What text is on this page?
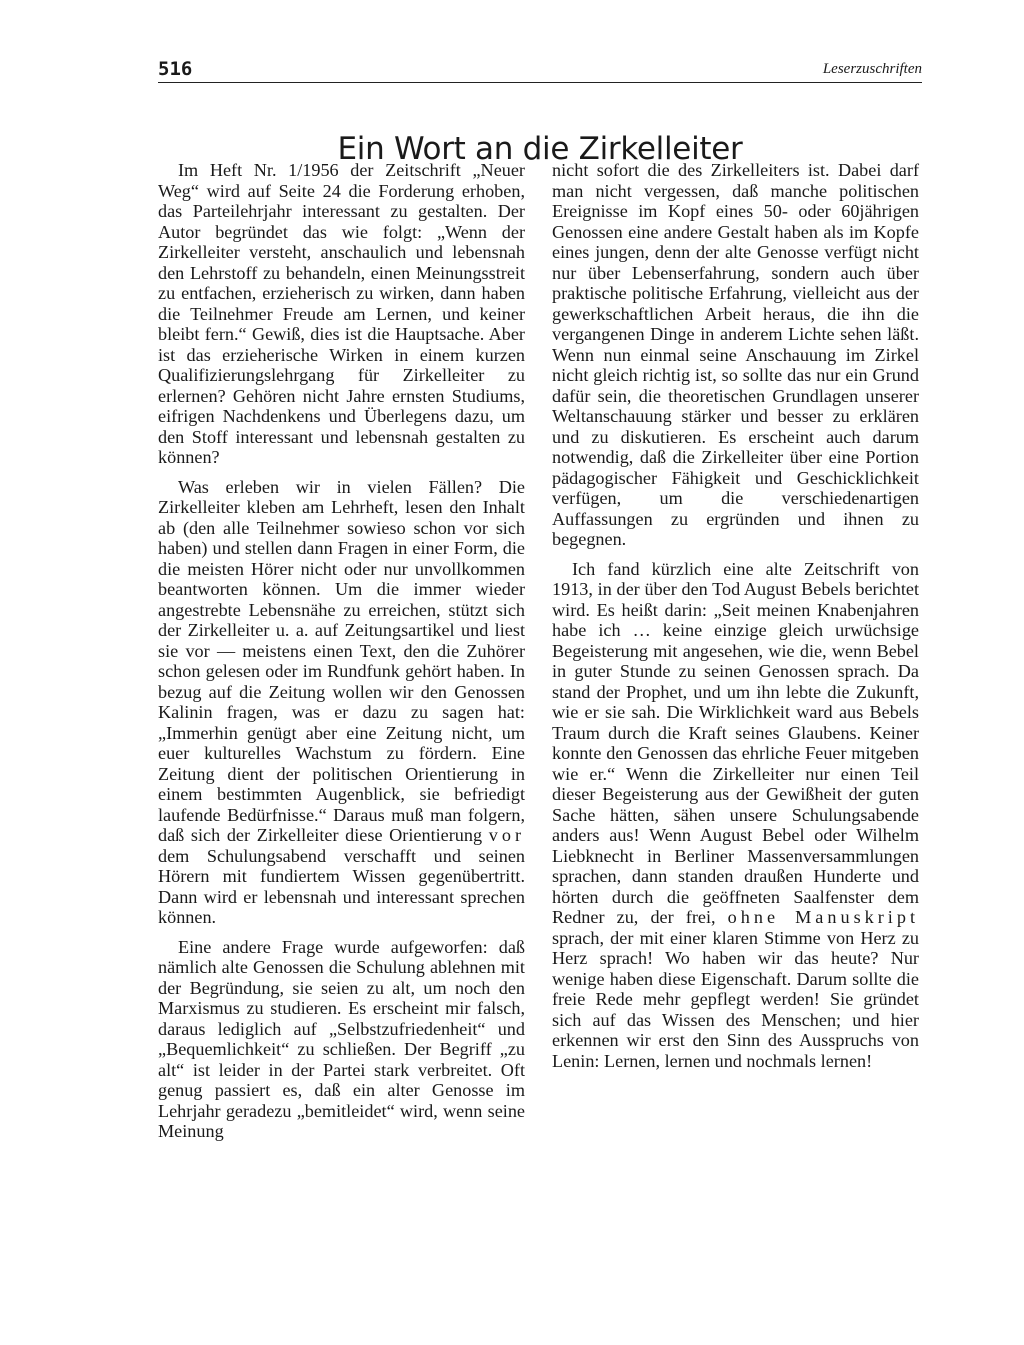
516	Leserzuschriften
Ein Wort an die Zirkelleiter

Im Heft Nr. 1/1956 der Zeitschrift „Neuer Weg“ wird auf Seite 24 die Forderung erhoben, das Parteilehrjahr interessant zu gestalten. Der Autor begründet das wie folgt: „Wenn der Zirkelleiter versteht, anschaulich und lebensnah den Lehrstoff zu behandeln, einen Meinungsstreit zu entfachen, erzieherisch zu wirken, dann haben die Teilnehmer Freude am Lernen, und keiner bleibt fern.“ Gewiß, dies ist die Hauptsache. Aber ist das erzieherische Wirken in einem kurzen Qualifizierungslehrgang für Zirkelleiter zu erlernen? Gehören nicht Jahre ernsten Studiums, eifrigen Nachdenkens und Überlegens dazu, um den Stoff interessant und lebensnah gestalten zu können?

Was erleben wir in vielen Fällen? Die Zirkelleiter kleben am Lehrheft, lesen den Inhalt ab (den alle Teilnehmer sowieso schon vor sich haben) und stellen dann Fragen in einer Form, die die meisten Hörer nicht oder nur unvollkommen beantworten können. Um die immer wieder angestrebte Lebensnähe zu erreichen, stützt sich der Zirkelleiter u. a. auf Zeitungsartikel und liest sie vor — meistens einen Text, den die Zuhörer schon gelesen oder im Rundfunk gehört haben. In bezug auf die Zeitung wollen wir den Genossen Kalinin fragen, was er dazu zu sagen hat: „Immerhin genügt aber eine Zeitung nicht, um euer kulturelles Wachstum zu fördern. Eine Zeitung dient der politischen Orientierung in einem bestimmten Augenblick, sie befriedigt laufende Bedürfnisse.“ Daraus muß man folgern, daß sich der Zirkelleiter diese Orientierung vor dem Schulungsabend verschafft und seinen Hörern mit fundiertem Wissen gegenübertritt. Dann wird er lebensnah und interessant sprechen können.

Eine andere Frage wurde aufgeworfen: daß nämlich alte Genossen die Schulung ablehnen mit der Begründung, sie seien zu alt, um noch den Marxismus zu studieren. Es erscheint mir falsch, daraus lediglich auf „Selbstzufriedenheit“ und „Bequemlichkeit“ zu schließen. Der Begriff „zu alt“ ist leider in der Partei stark verbreitet. Oft genug passiert es, daß ein alter Genosse im Lehrjahr geradezu „bemitleidet“ wird, wenn seine Meinung

nicht sofort die des Zirkelleiters ist. Dabei darf man nicht vergessen, daß manche politischen Ereignisse im Kopf eines 50- oder 60jährigen Genossen eine andere Gestalt haben als im Kopfe eines jungen, denn der alte Genosse verfügt nicht nur über Lebenserfahrung, sondern auch über praktische politische Erfahrung, vielleicht aus der gewerkschaftlichen Arbeit heraus, die ihn die vergangenen Dinge in anderem Lichte sehen läßt. Wenn nun einmal seine Anschauung im Zirkel nicht gleich richtig ist, so sollte das nur ein Grund dafür sein, die theoretischen Grundlagen unserer Weltanschauung stärker und besser zu erklären und zu diskutieren. Es erscheint auch darum notwendig, daß die Zirkelleiter über eine Portion pädagogischer Fähigkeit und Geschicklichkeit verfügen, um die verschiedenartigen Auffassungen zu ergründen und ihnen zu begegnen.

Ich fand kürzlich eine alte Zeitschrift von 1913, in der über den Tod August Bebels berichtet wird. Es heißt darin: „Seit meinen Knabenjahren habe ich … keine einzige gleich urwüchsige Begeisterung mit angesehen, wie die, wenn Bebel in guter Stunde zu seinen Genossen sprach. Da stand der Prophet, und um ihn lebte die Zukunft, wie er sie sah. Die Wirklichkeit ward aus Bebels Traum durch die Kraft seines Glaubens. Keiner konnte den Genossen das ehrliche Feuer mitgeben wie er.“ Wenn die Zirkelleiter nur einen Teil dieser Begeisterung aus der Gewißheit der guten Sache hätten, sähen unsere Schulungsabende anders aus! Wenn August Bebel oder Wilhelm Liebknecht in Berliner Massenversammlungen sprachen, dann standen draußen Hunderte und hörten durch die geöffneten Saalfenster dem Redner zu, der frei, ohne Manuskript sprach, der mit einer klaren Stimme von Herz zu Herz sprach! Wo haben wir das heute? Nur wenige haben diese Eigenschaft. Darum sollte die freie Rede mehr gepflegt werden! Sie gründet sich auf das Wissen des Menschen; und hier erkennen wir erst den Sinn des Ausspruchs von Lenin: Lernen, lernen und nochmals lernen!
